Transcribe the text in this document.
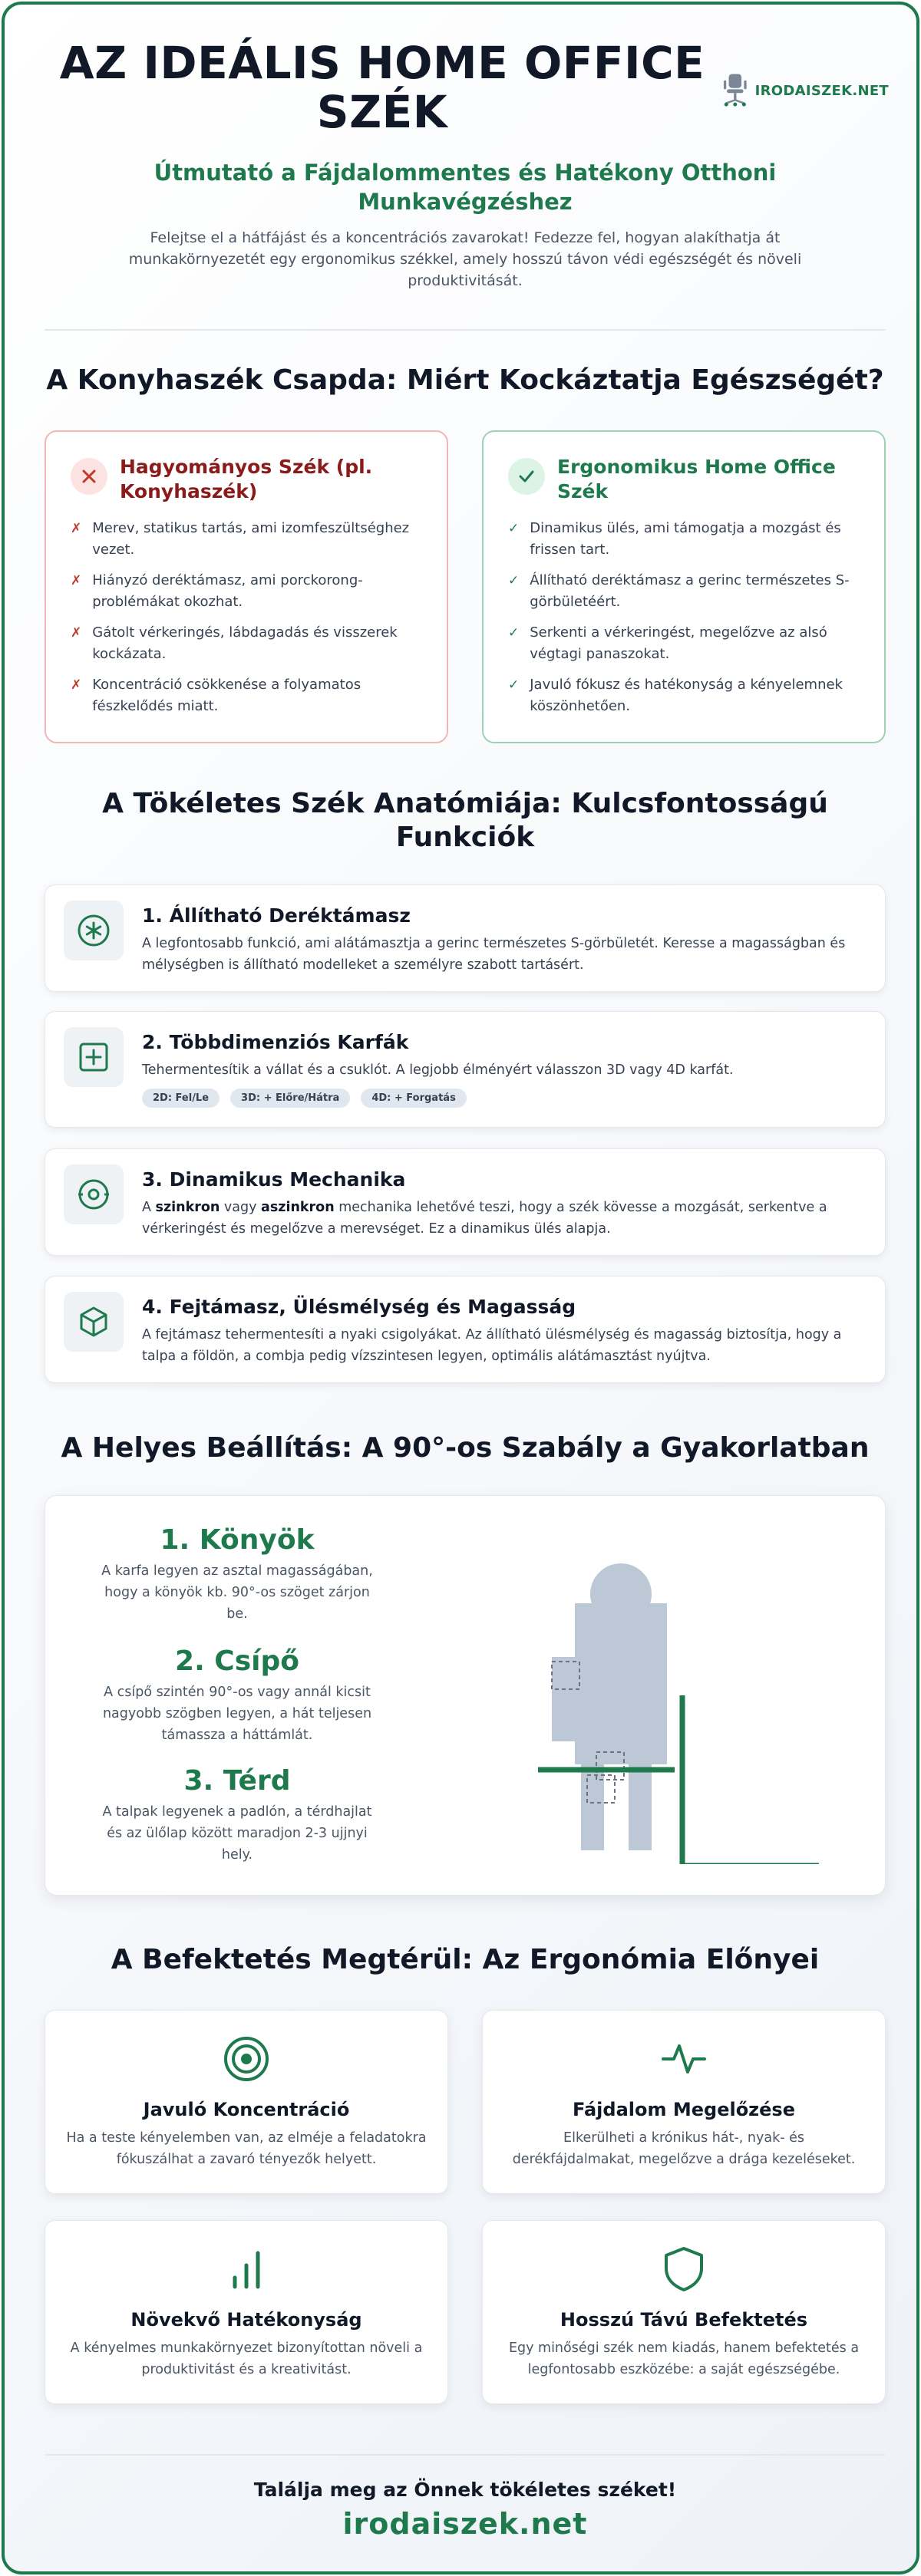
AZ IDEÁLIS HOME OFFICE SZÉK	IRODAISZEK.NET
Útmutató a Fájdalommentes és Hatékony Otthoni Munkavégzéshez

Felejtse el a hátfájást és a koncentrációs zavarokat! Fedezze fel, hogyan alakíthatja át munkakörnyezetét egy ergonomikus székkel, amely hosszú távon védi egészségét és növeli produktivitását.

A Konyhaszék Csapda: Miért Kockáztatja Egészségét?
Hagyományos Szék (pl. Konyhaszék)
✗ Merev, statikus tartás, ami izomfeszültséghez vezet.
✗ Hiányzó deréktámasz, ami porckorong-problémákat okozhat.
✗ Gátolt vérkeringés, lábdagadás és visszerek kockázata.
✗ Koncentráció csökkenése a folyamatos fészkelődés miatt.
Ergonomikus Home Office Szék
✓ Dinamikus ülés, ami támogatja a mozgást és frissen tart.
✓ Állítható deréktámasz a gerinc természetes S-görbületéért.
✓ Serkenti a vérkeringést, megelőzve az alsó végtagi panaszokat.
✓ Javuló fókusz és hatékonyság a kényelemnek köszönhetően.
A Tökéletes Szék Anatómiája: Kulcsfontosságú Funkciók
1. Állítható Deréktámasz
A legfontosabb funkció, ami alátámasztja a gerinc természetes S-görbületét. Keresse a magasságban és mélységben is állítható modelleket a személyre szabott tartásért.
2. Többdimenziós Karfák
Tehermentesítik a vállat és a csuklót. A legjobb élményért válasszon 3D vagy 4D karfát.
2D: Fel/Le	3D: + Előre/Hátra	4D: + Forgatás
3. Dinamikus Mechanika
A szinkron vagy aszinkron mechanika lehetővé teszi, hogy a szék kövesse a mozgását, serkentve a vérkeringést és megelőzve a merevséget. Ez a dinamikus ülés alapja.
4. Fejtámasz, Ülésmélység és Magasság
A fejtámasz tehermentesíti a nyaki csigolyákat. Az állítható ülésmélység és magasság biztosítja, hogy a talpa a földön, a combja pedig vízszintesen legyen, optimális alátámasztást nyújtva.
A Helyes Beállítás: A 90°-os Szabály a Gyakorlatban
1. Könyök
A karfa legyen az asztal magasságában, hogy a könyök kb. 90°-os szöget zárjon be.
2. Csípő
A csípő szintén 90°-os vagy annál kicsit nagyobb szögben legyen, a hát teljesen támassza a háttámlát.
3. Térd
A talpak legyenek a padlón, a térdhajlat és az ülőlap között maradjon 2-3 ujjnyi hely.
A Befektetés Megtérül: Az Ergonómia Előnyei
Javuló Koncentráció
Ha a teste kényelemben van, az elméje a feladatokra fókuszálhat a zavaró tényezők helyett.
Fájdalom Megelőzése
Elkerülheti a krónikus hát-, nyak- és derékfájdalmakat, megelőzve a drága kezeléseket.
Növekvő Hatékonyság
A kényelmes munkakörnyezet bizonyítottan növeli a produktivitást és a kreativitást.
Hosszú Távú Befektetés
Egy minőségi szék nem kiadás, hanem befektetés a legfontosabb eszközébe: a saját egészségébe.
Találja meg az Önnek tökéletes széket!
irodaiszek.net
